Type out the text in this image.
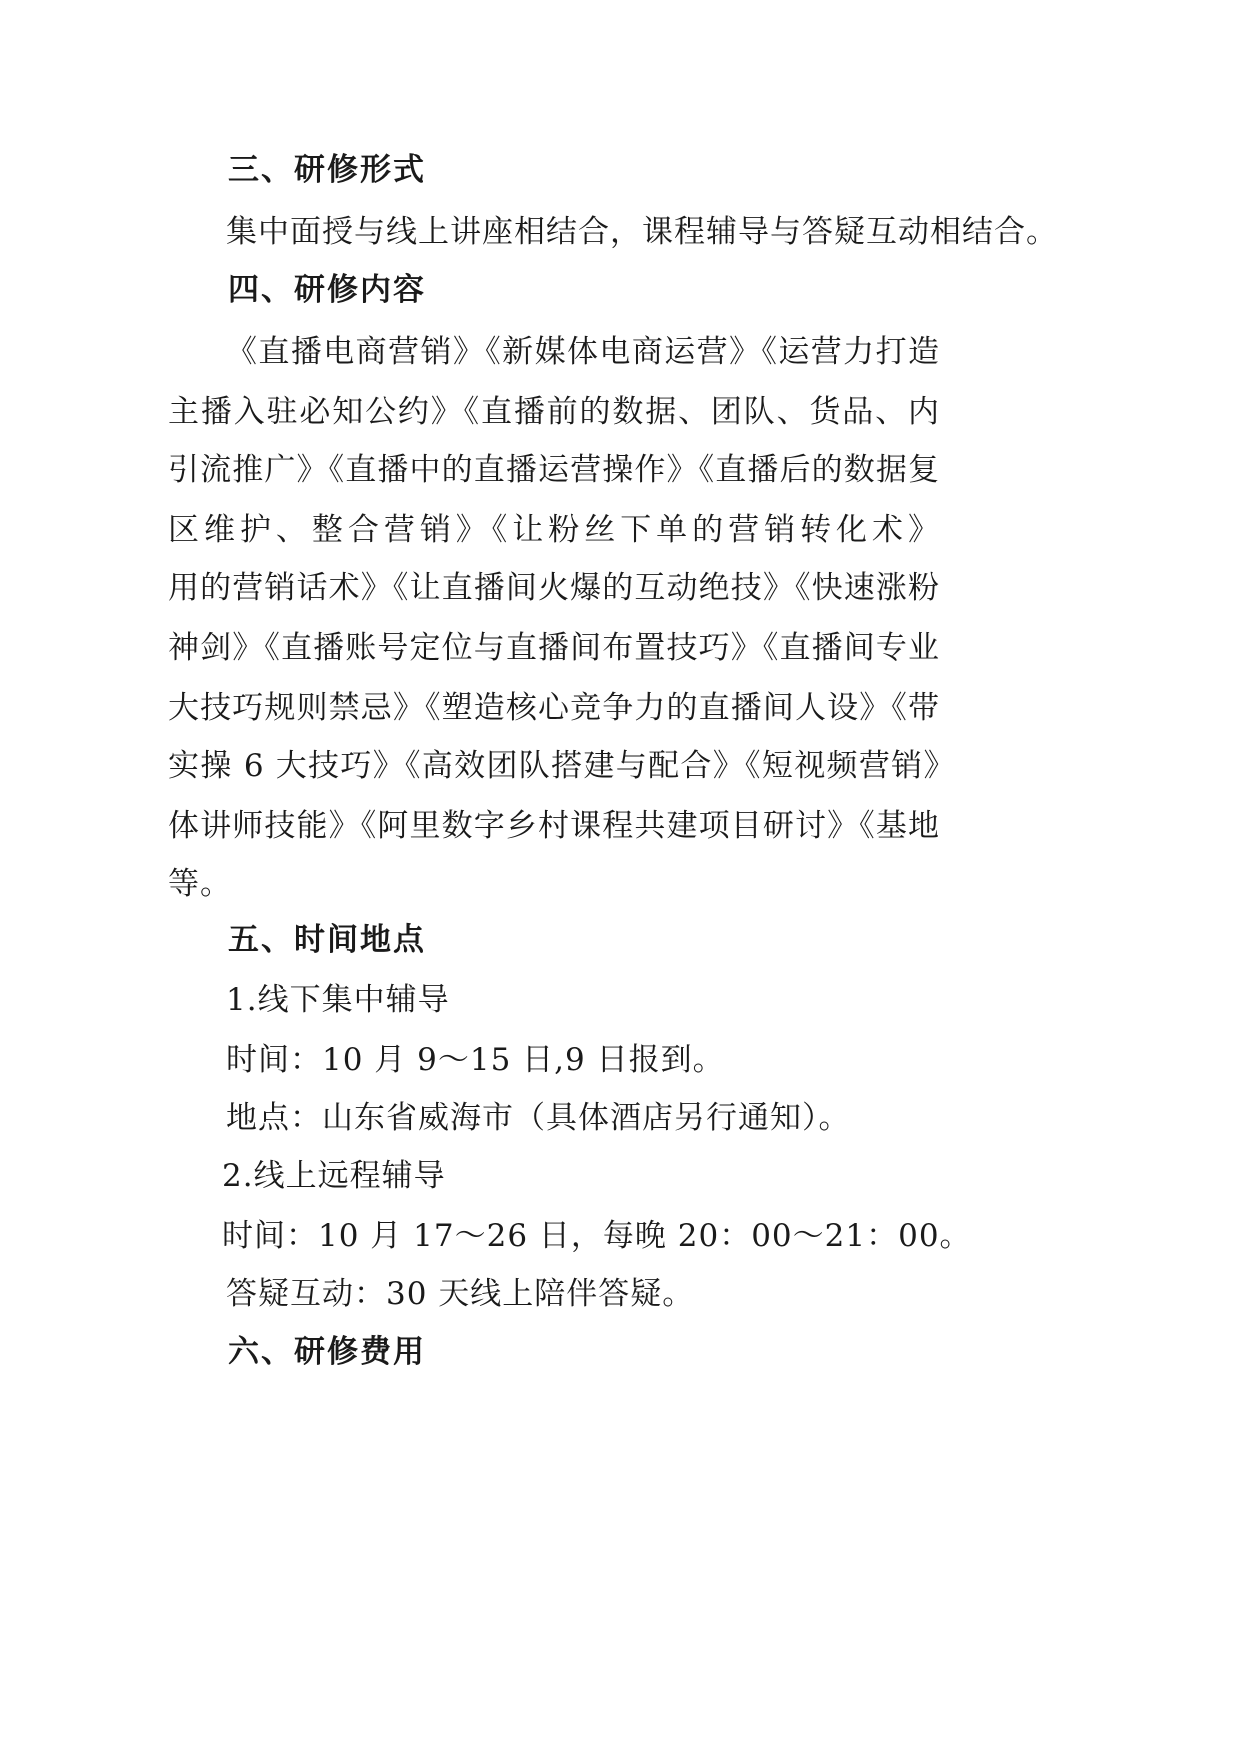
三、研修形式
集中面授与线上讲座相结合，课程辅导与答疑互动相结合。
四、研修内容
《直播电商营销》《新媒体电商运营》《运营力打造
主播入驻必知公约》《直播前的数据、团队、货品、内
引流推广》《直播中的直播运营操作》《直播后的数据复
区维护、整合营销》《让粉丝下单的营销转化术》
用的营销话术》《让直播间火爆的互动绝技》《快速涨粉
神剑》《直播账号定位与直播间布置技巧》《直播间专业
大技巧规则禁忌》《塑造核心竞争力的直播间人设》《带
实操 6 大技巧》《高效团队搭建与配合》《短视频营销》
体讲师技能》《阿里数字乡村课程共建项目研讨》《基地
等。
五、时间地点
1.线下集中辅导
时间：10 月 9～15 日,9 日报到。
地点：山东省威海市（具体酒店另行通知）。
2.线上远程辅导
时间：10 月 17～26 日，每晚 20：00～21：00。
答疑互动：30 天线上陪伴答疑。
六、研修费用
